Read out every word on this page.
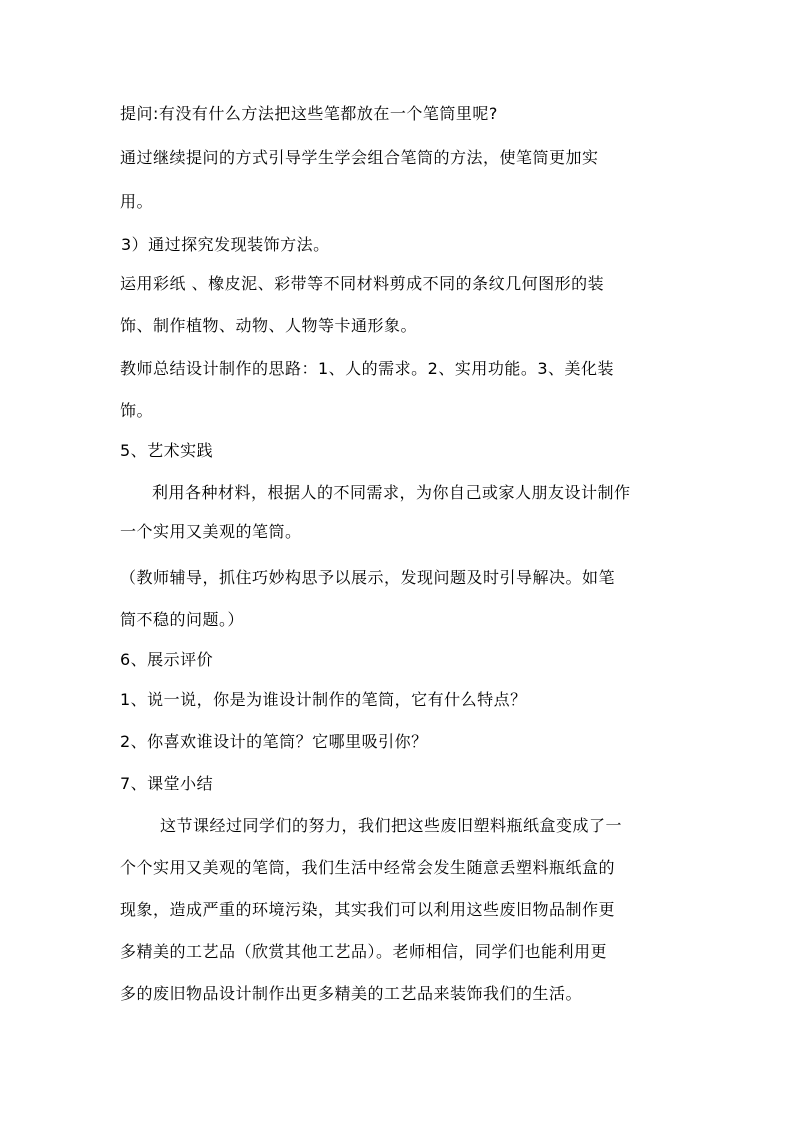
提问:有没有什么方法把这些笔都放在一个笔筒里呢?
通过继续提问的方式引导学生学会组合笔筒的方法，使笔筒更加实
用。
3）通过探究发现装饰方法。
运用彩纸 、橡皮泥、彩带等不同材料剪成不同的条纹几何图形的装
饰、制作植物、动物、人物等卡通形象。
教师总结设计制作的思路：1、人的需求。2、实用功能。3、美化装
饰。
5、艺术实践
利用各种材料，根据人的不同需求，为你自己或家人朋友设计制作
一个实用又美观的笔筒。
（教师辅导，抓住巧妙构思予以展示，发现问题及时引导解决。如笔
筒不稳的问题。）
6、展示评价
1、说一说，你是为谁设计制作的笔筒，它有什么特点？
2、你喜欢谁设计的笔筒？它哪里吸引你？
7、课堂小结
这节课经过同学们的努力，我们把这些废旧塑料瓶纸盒变成了一
个个实用又美观的笔筒，我们生活中经常会发生随意丢塑料瓶纸盒的
现象，造成严重的环境污染，其实我们可以利用这些废旧物品制作更
多精美的工艺品（欣赏其他工艺品）。老师相信，同学们也能利用更
多的废旧物品设计制作出更多精美的工艺品来装饰我们的生活。
